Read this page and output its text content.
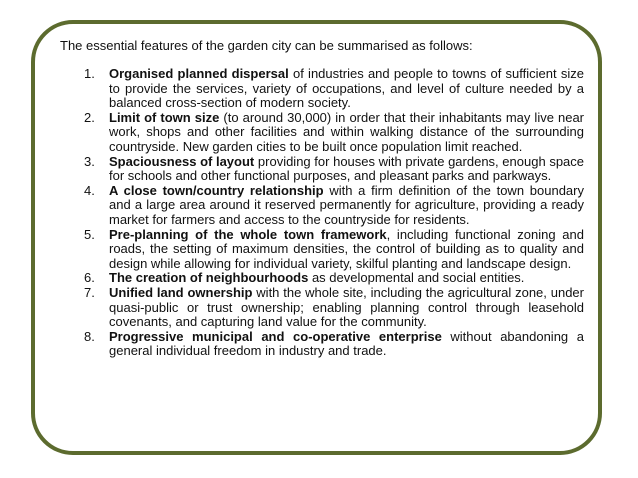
The essential features of the garden city can be summarised as follows:
1. Organised planned dispersal of industries and people to towns of sufficient size to provide the services, variety of occupations, and level of culture needed by a balanced cross-section of modern society.
2. Limit of town size (to around 30,000) in order that their inhabitants may live near work, shops and other facilities and within walking distance of the surrounding countryside. New garden cities to be built once population limit reached.
3. Spaciousness of layout providing for houses with private gardens, enough space for schools and other functional purposes, and pleasant parks and parkways.
4. A close town/country relationship with a firm definition of the town boundary and a large area around it reserved permanently for agriculture, providing a ready market for farmers and access to the countryside for residents.
5. Pre-planning of the whole town framework, including functional zoning and roads, the setting of maximum densities, the control of building as to quality and design while allowing for individual variety, skilful planting and landscape design.
6. The creation of neighbourhoods as developmental and social entities.
7. Unified land ownership with the whole site, including the agricultural zone, under quasi-public or trust ownership; enabling planning control through leasehold covenants, and capturing land value for the community.
8. Progressive municipal and co-operative enterprise without abandoning a general individual freedom in industry and trade.
